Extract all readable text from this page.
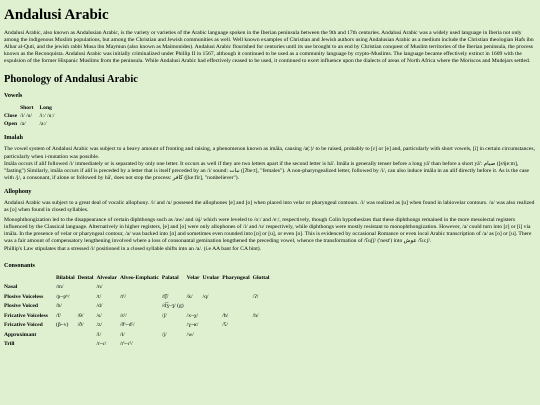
Andalusi Arabic

Andalusi Arabic, also known as Andalusian Arabic, is the variety or varieties of the Arabic language spoken in the Iberian peninsula between the 9th and 17th centuries. Andalusi Arabic was a widely used language in Iberia not only among the indigenous Muslim populations, but among the Christian and Jewish communities as well. Well known examples of Christian and Jewish authors using Andalusian Arabic as a medium include the Christian theologian Hafs ibn Albar al-Quti, and the jewish rabbi Musa ibn Maymun (also known as Maimonides). Andalusi Arabic flourished for centuries until its use brought to an end by Christian conquest of Muslim territories of the Iberian peninsula, the process known as the Reconquista. Andalusi Arabic was initially criminalized under Phillip II in 1567, although it continued to be used as a community language by crypto-Muslims. The language became effectively extinct in 1609 with the expulsion of the former Hispanic Muslims from the peninsula. While Andalusi Arabic had effectively ceased to be used, it continued to exert influence upon the dialects of areas of North Africa where the Moriscos and Mudejars settled.

Phonology of Andalusi Arabic
Vowels
	Short	Long
Close	/i/ /u/	/iː/ /uː/
Open	/a/	/aː/
Imalah

The vowel system of Andalusi Arabic was subject to a heavy amount of fronting and raising, a phenomenon known as imāla, causing /a(ː)/ to be raised, probably to [ɛ] or [e] and, particularly with short vowels, [i] in certain circumstances, particularly when i-mutation was possible.

Imāla occurs if alif followed /i/ immediately or is separated by only one letter. It occurs as well if they are two letters apart if the second letter is hā'. Imāla is generally tenser before a long yā' than before a short yā': صيام ([sʲijeːm], "fasting") Similarly, imāla occurs if alif is preceded by a letter that is itself preceded by an /i/ sound: نبات ([ʔbeːt], "females"). A non-pharyngealized letter, followed by /i/, can also induce imāla in an alif directly before it. As is the case with /j/, a consonant, if alone or followed by hā', does not stop the process: كافر ([keːfir], "nonbeliever").

Allophony

Andalusi Arabic was subject to a great deal of vocalic allophony. /i/ and /u/ possesed the allophones [e] and [o] when placed into velar or pharyngeal contours. /i/ was realized as [u] when found in labiovelar contours. /u/ was also realized as [o] when found in closed syllables.

Monophthongization led to the disappearance of certain diphthongs such as /aw/ and /aj/ which were leveled to /oː/ and /eː/, respectively, though Colin hypothesizes that these diphthongs remained in the more mesolectal registers influenced by the Classical language. Alternatively in higher registers, [e] and [o] were only allophones of /i/ and /u/ respectively, while diphthongs were mostly resistant to monophthongization. However, /a/ could turn into [ɛ] or [i] via imāla. In the presence of velar or pharyngeal contour, /a/ was backed into [ɑ] and sometimes even rounded into [ɒ] or [u], or even [o]. This is evidenced by occasional Romance or even local Arabic transcription of /a/ as [o] or [u]. There was a fair amount of compensatory lengthening involved where a loss of consonantal gemination lengthened the preceding vowel, whence the transformation of /ʕuʃʃ/ ('nest') into عوش /ʕuːʃ/.

Phillip's Law stipulates that a stressed /i/ positioned in a closed syllable shifts into an /a/. (i.e AA bant for CA bint).

Consonants
	Bilabial	Dental	Alveolar	Alveo-Emphatic	Palatal	Velar	Uvular	Pharyngeal	Glottal
Nasal	/m/		/n/						
Plosive Voiceless	/p~pʰ/		/t/	/tˤ/	/t͡ʃ/	/k/	/q/		/ʔ/
Plosive Voiced	/b/		/d/		/d͡ʒ~ʒ/ (g)				
Fricative Voiceless	/f/	/θ/	/s/	/sˤ/	/ʃ/	/x~χ/		/ħ/	/h/
Fricative Voiced	(β~v)	/ð/	/z/	/ðˤ~dˤ/		/ɣ~ʁ/		/ʕ/	
Approximant			/l/	/ɫ/	/j/	/w/			
Trill			/r~ɾ/	/rˤ~ɾˤ/					
